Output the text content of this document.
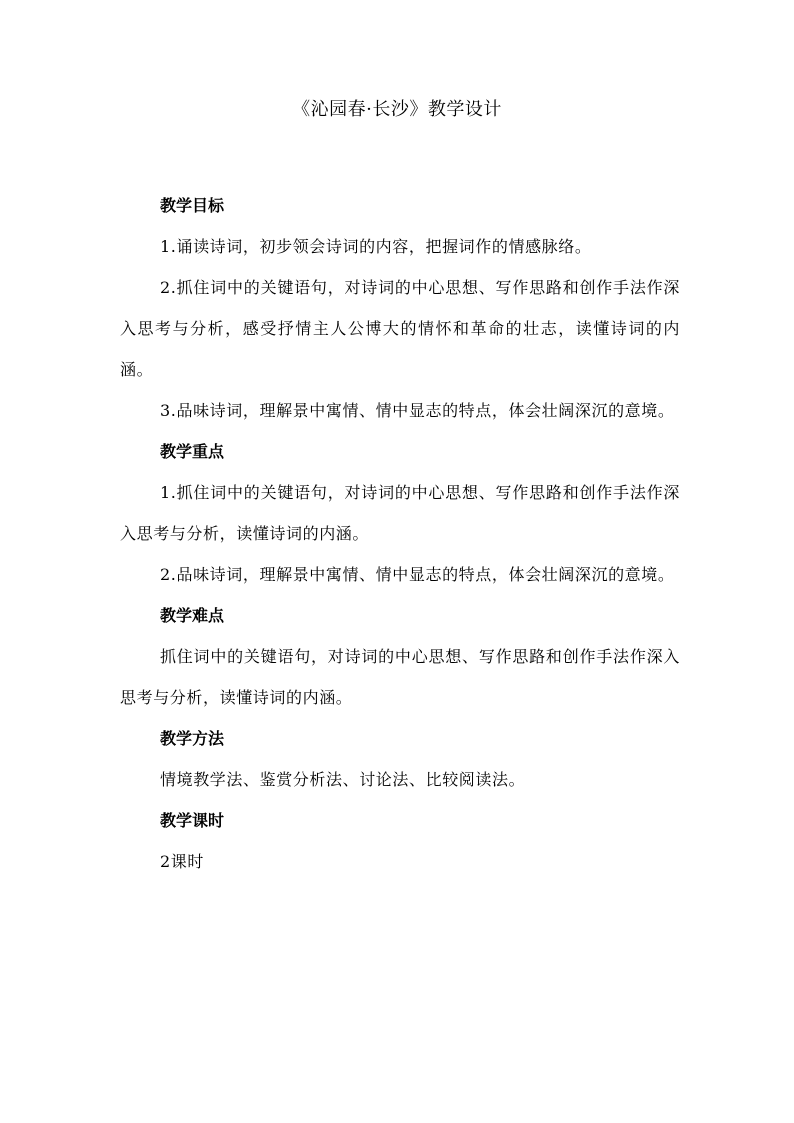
《沁园春·长沙》教学设计

教学目标

1.诵读诗词，初步领会诗词的内容，把握词作的情感脉络。

2.抓住词中的关键语句，对诗词的中心思想、写作思路和创作手法作深入思考与分析，感受抒情主人公博大的情怀和革命的壮志，读懂诗词的内涵。

3.品味诗词，理解景中寓情、情中显志的特点，体会壮阔深沉的意境。

教学重点

1.抓住词中的关键语句，对诗词的中心思想、写作思路和创作手法作深入思考与分析，读懂诗词的内涵。

2.品味诗词，理解景中寓情、情中显志的特点，体会壮阔深沉的意境。

教学难点

抓住词中的关键语句，对诗词的中心思想、写作思路和创作手法作深入思考与分析，读懂诗词的内涵。

教学方法

情境教学法、鉴赏分析法、讨论法、比较阅读法。

教学课时

2课时
